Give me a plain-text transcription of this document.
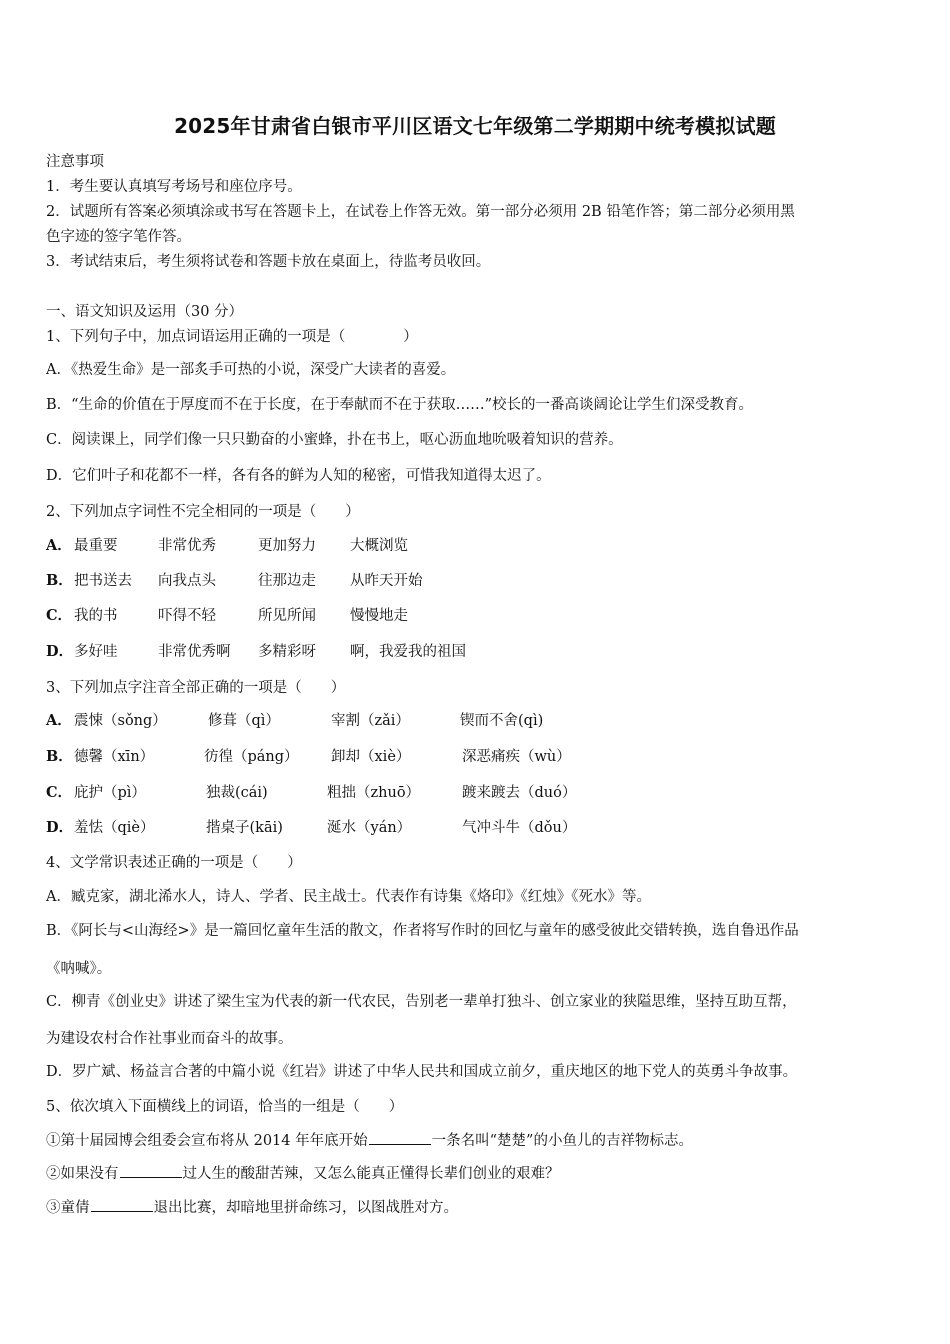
2025年甘肃省白银市平川区语文七年级第二学期期中统考模拟试题
注意事项
1．考生要认真填写考场号和座位序号。
2．试题所有答案必须填涂或书写在答题卡上，在试卷上作答无效。第一部分必须用 2B 铅笔作答；第二部分必须用黑
色字迹的签字笔作答。
3．考试结束后，考生须将试卷和答题卡放在桌面上，待监考员收回。
一、语文知识及运用（30 分）
1、下列句子中，加点词语运用正确的一项是（　　　　）
A．《热爱生命》是一部炙手可热的小说，深受广大读者的喜爱。
B．“生命的价值在于厚度而不在于长度，在于奉献而不在于获取……”校长的一番高谈阔论让学生们深受教育。
C．阅读课上，同学们像一只只勤奋的小蜜蜂，扑在书上，呕心沥血地吮吸着知识的营养。
D．它们叶子和花都不一样，各有各的鲜为人知的秘密，可惜我知道得太迟了。
2、下列加点字词性不完全相同的一项是（　　）
A． 最重要	非常优秀	更加努力 大概浏览
B． 把书送去 向我点头	往那边走 从昨天开始
C． 我的书	吓得不轻	所见所闻 慢慢地走
D． 多好哇	非常优秀啊 多精彩呀 啊，我爱我的祖国
3、下列加点字注音全部正确的一项是（　　）
A． 震悚（sǒng）	修葺（qì）	宰割（zǎi）	锲而不舍(qì)
B． 德馨（xīn）	彷徨（páng） 卸却（xiè）	深恶痛疾（wù）
C． 庇护（pì）	独裁(cái)	粗拙（zhuō）	踱来踱去（duó）
D． 羞怯（qiè）	揩桌子(kāi)	涎水（yán）	气冲斗牛（dǒu）
4、文学常识表述正确的一项是（　　）
A．臧克家，湖北浠水人，诗人、学者、民主战士。代表作有诗集《烙印》《红烛》《死水》等。
B．《阿长与<山海经>》是一篇回忆童年生活的散文，作者将写作时的回忆与童年的感受彼此交错转换，选自鲁迅作品
《呐喊》。
C．柳青《创业史》讲述了梁生宝为代表的新一代农民，告别老一辈单打独斗、创立家业的狭隘思维，坚持互助互帮，
为建设农村合作社事业而奋斗的故事。
D．罗广斌、杨益言合著的中篇小说《红岩》讲述了中华人民共和国成立前夕，重庆地区的地下党人的英勇斗争故事。
5、依次填入下面横线上的词语，恰当的一组是（　　）
①第十届园博会组委会宣布将从 2014 年年底开始	一条名叫“楚楚”的小鱼儿的吉祥物标志。
②如果没有	过人生的酸甜苦辣，又怎么能真正懂得长辈们创业的艰难？
③童倩	退出比赛，却暗地里拼命练习，以图战胜对方。
